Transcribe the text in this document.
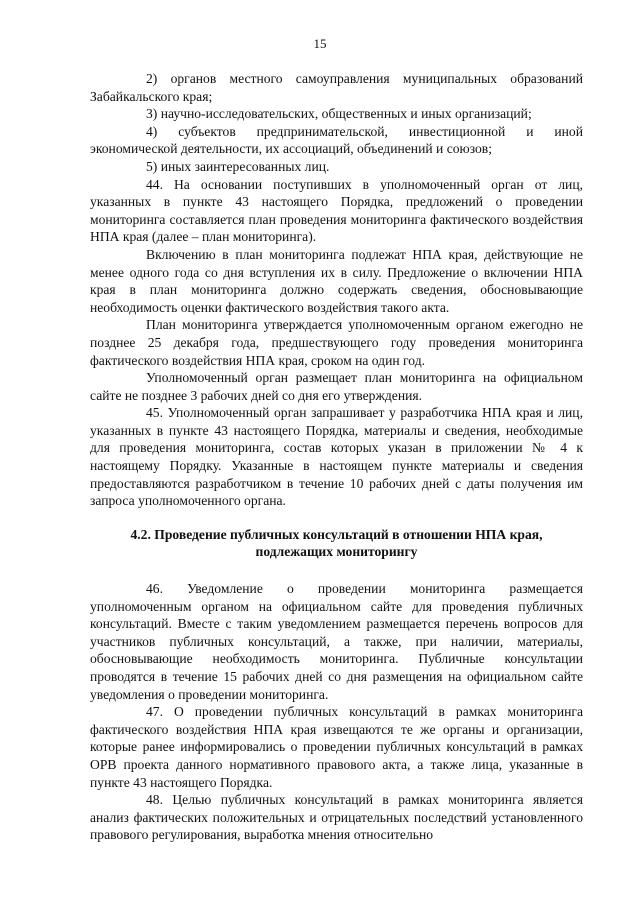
15

2) органов местного самоуправления муниципальных образований Забайкальского края;

3) научно-исследовательских, общественных и иных организаций;

4) субъектов предпринимательской, инвестиционной и иной экономической деятельности, их ассоциаций, объединений и союзов;

5) иных заинтересованных лиц.

44. На основании поступивших в уполномоченный орган от лиц, указанных в пункте 43 настоящего Порядка, предложений о проведении мониторинга составляется план проведения мониторинга фактического воздействия НПА края (далее – план мониторинга).

Включению в план мониторинга подлежат НПА края, действующие не менее одного года со дня вступления их в силу. Предложение о включении НПА края в план мониторинга должно содержать сведения, обосновывающие необходимость оценки фактического воздействия такого акта.

План мониторинга утверждается уполномоченным органом ежегодно не позднее 25 декабря года, предшествующего году проведения мониторинга фактического воздействия НПА края, сроком на один год.

Уполномоченный орган размещает план мониторинга на официальном сайте не позднее 3 рабочих дней со дня его утверждения.

45. Уполномоченный орган запрашивает у разработчика НПА края и лиц, указанных в пункте 43 настоящего Порядка, материалы и сведения, необходимые для проведения мониторинга, состав которых указан в приложении № 4 к настоящему Порядку. Указанные в настоящем пункте материалы и сведения предоставляются разработчиком в течение 10 рабочих дней с даты получения им запроса уполномоченного органа.

4.2. Проведение публичных консультаций в отношении НПА края,
подлежащих мониторингу

46. Уведомление о проведении мониторинга размещается уполномоченным органом на официальном сайте для проведения публичных консультаций. Вместе с таким уведомлением размещается перечень вопросов для участников публичных консультаций, а также, при наличии, материалы, обосновывающие необходимость мониторинга. Публичные консультации проводятся в течение 15 рабочих дней со дня размещения на официальном сайте уведомления о проведении мониторинга.

47. О проведении публичных консультаций в рамках мониторинга фактического воздействия НПА края извещаются те же органы и организации, которые ранее информировались о проведении публичных консультаций в рамках ОРВ проекта данного нормативного правового акта, а также лица, указанные в пункте 43 настоящего Порядка.

48. Целью публичных консультаций в рамках мониторинга является анализ фактических положительных и отрицательных последствий установленного правового регулирования, выработка мнения относительно
